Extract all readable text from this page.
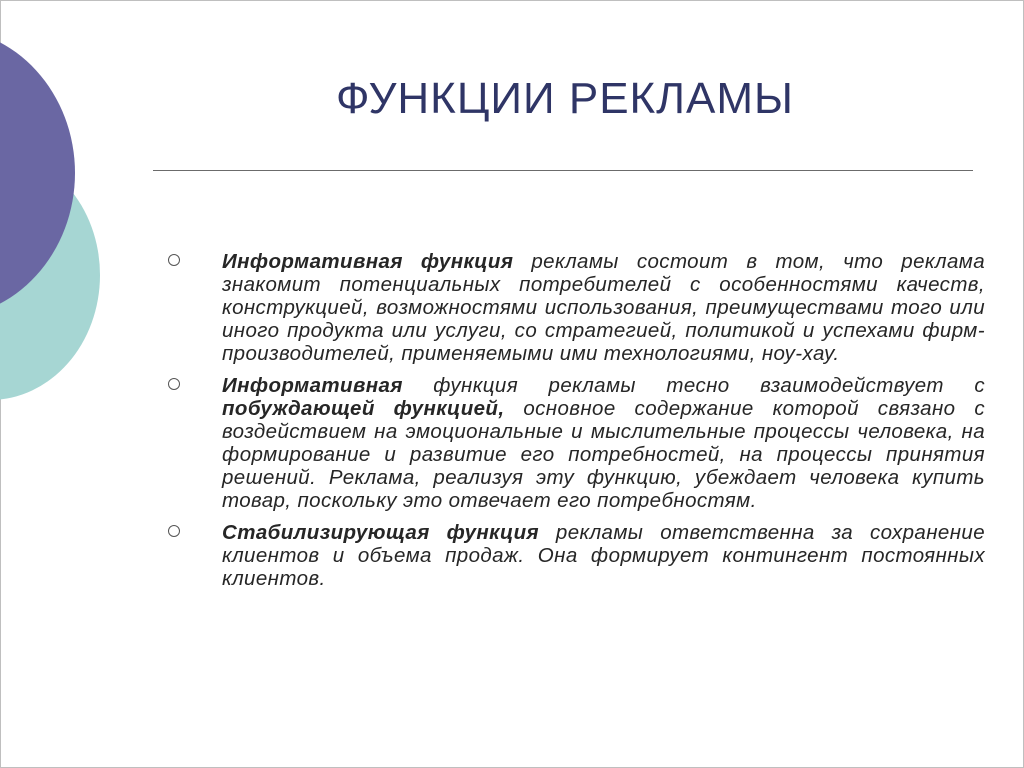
ФУНКЦИИ РЕКЛАМЫ

Информативная функция рекламы состоит в том, что реклама знакомит потенциальных потребителей с особенностями качеств, конструкцией, возможностями использования, преимуществами того или иного продукта или услуги, со стратегией, политикой и успехами фирм-производителей, применяемыми ими технологиями, ноу-хау.

Информативная функция рекламы тесно взаимодействует с побуждающей функцией, основное содержание которой связано с воздействием на эмоциональные и мыслительные процессы человека, на формирование и развитие его потребностей, на процессы принятия решений. Реклама, реализуя эту функцию, убеждает человека купить товар, поскольку это отвечает его потребностям.

Стабилизирующая функция рекламы ответственна за сохранение клиентов и объема продаж. Она формирует контингент постоянных клиентов.
